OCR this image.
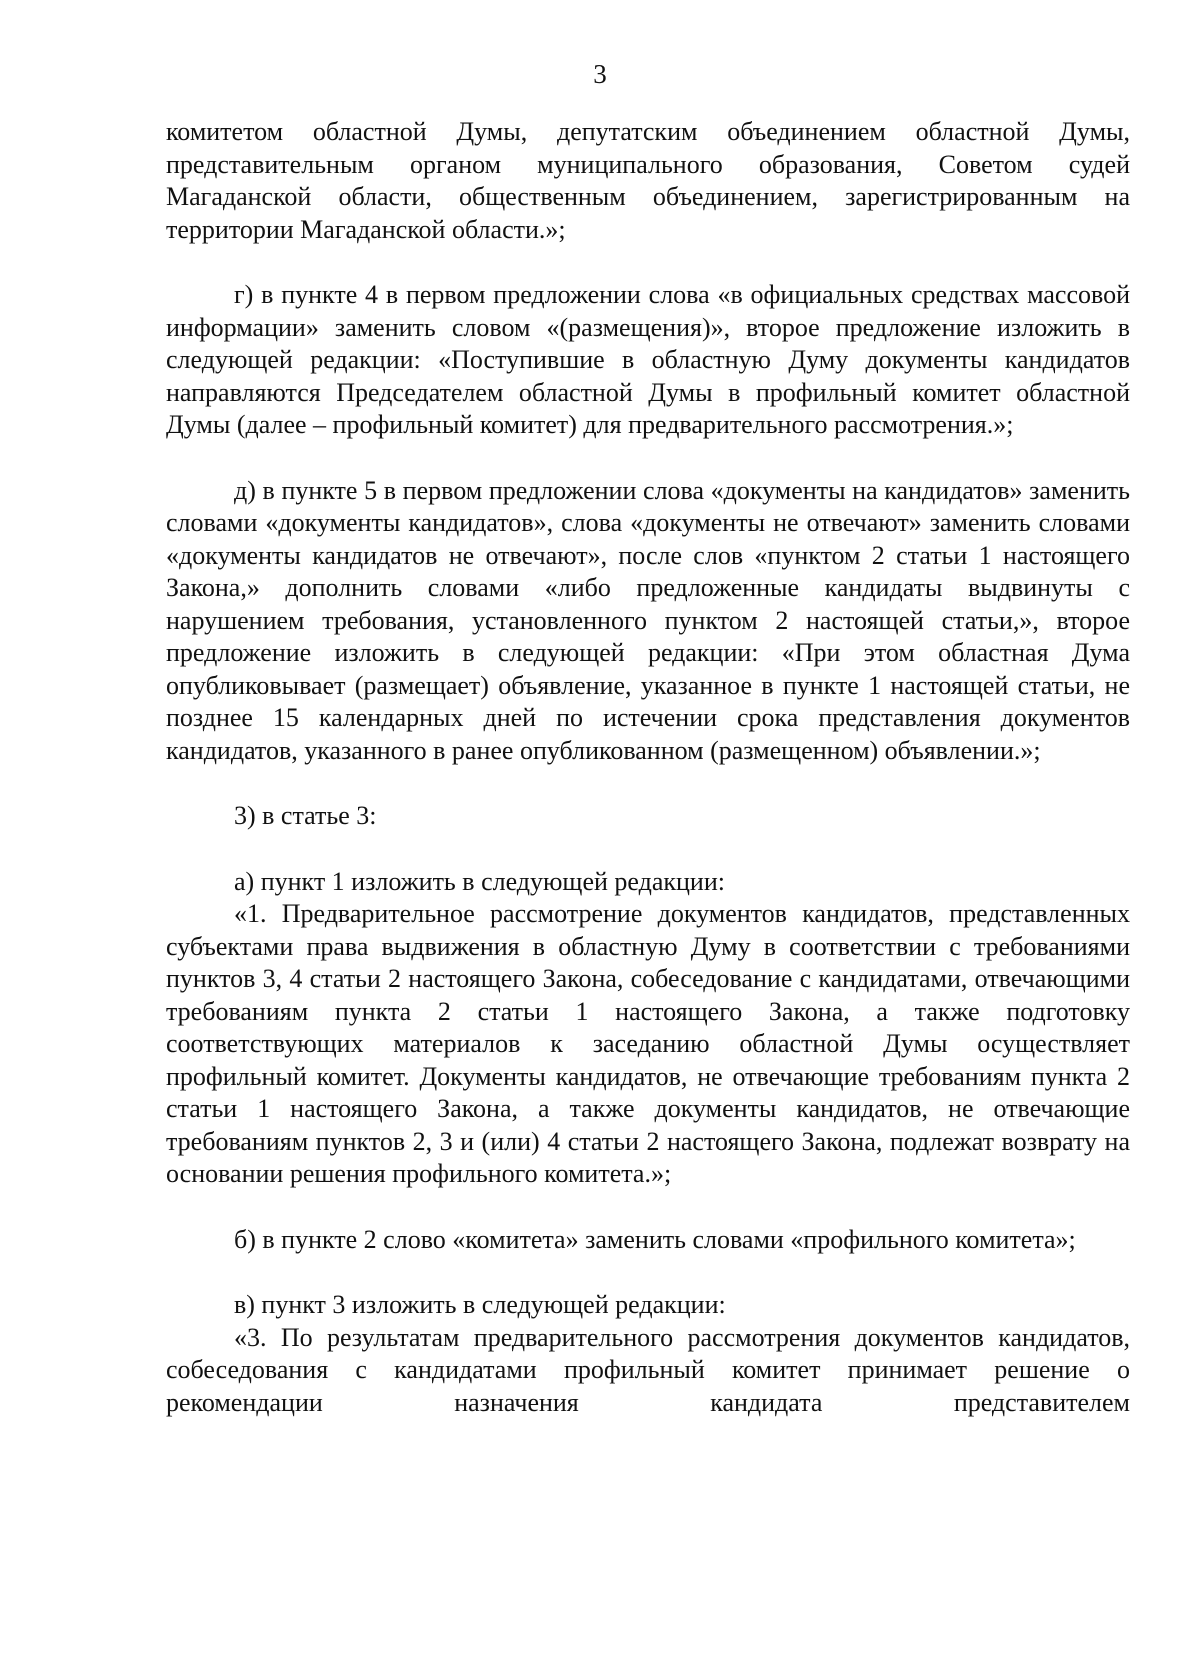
3

комитетом областной Думы, депутатским объединением областной Думы, представительным органом муниципального образования, Советом судей Магаданской области, общественным объединением, зарегистрированным на территории Магаданской области.»;

г) в пункте 4 в первом предложении слова «в официальных средствах массовой информации» заменить словом «(размещения)», второе предложение изложить в следующей редакции: «Поступившие в областную Думу документы кандидатов направляются Председателем областной Думы в профильный комитет областной Думы (далее – профильный комитет) для предварительного рассмотрения.»;

д) в пункте 5 в первом предложении слова «документы на кандидатов» заменить словами «документы кандидатов», слова «документы не отвечают» заменить словами «документы кандидатов не отвечают», после слов «пунктом 2 статьи 1 настоящего Закона,» дополнить словами «либо предложенные кандидаты выдвинуты с нарушением требования, установленного пунктом 2 настоящей статьи,», второе предложение изложить в следующей редакции: «При этом областная Дума опубликовывает (размещает) объявление, указанное в пункте 1 настоящей статьи, не позднее 15 календарных дней по истечении срока представления документов кандидатов, указанного в ранее опубликованном (размещенном) объявлении.»;

3) в статье 3:

а) пункт 1 изложить в следующей редакции:

«1. Предварительное рассмотрение документов кандидатов, представленных субъектами права выдвижения в областную Думу в соответствии с требованиями пунктов 3, 4 статьи 2 настоящего Закона, собеседование с кандидатами, отвечающими требованиям пункта 2 статьи 1 настоящего Закона, а также подготовку соответствующих материалов к заседанию областной Думы осуществляет профильный комитет. Документы кандидатов, не отвечающие требованиям пункта 2 статьи 1 настоящего Закона, а также документы кандидатов, не отвечающие требованиям пунктов 2, 3 и (или) 4 статьи 2 настоящего Закона, подлежат возврату на основании решения профильного комитета.»;

б) в пункте 2 слово «комитета» заменить словами «профильного комитета»;

в) пункт 3 изложить в следующей редакции:

«3. По результатам предварительного рассмотрения документов кандидатов, собеседования с кандидатами профильный комитет принимает решение о рекомендации назначения кандидата представителем
